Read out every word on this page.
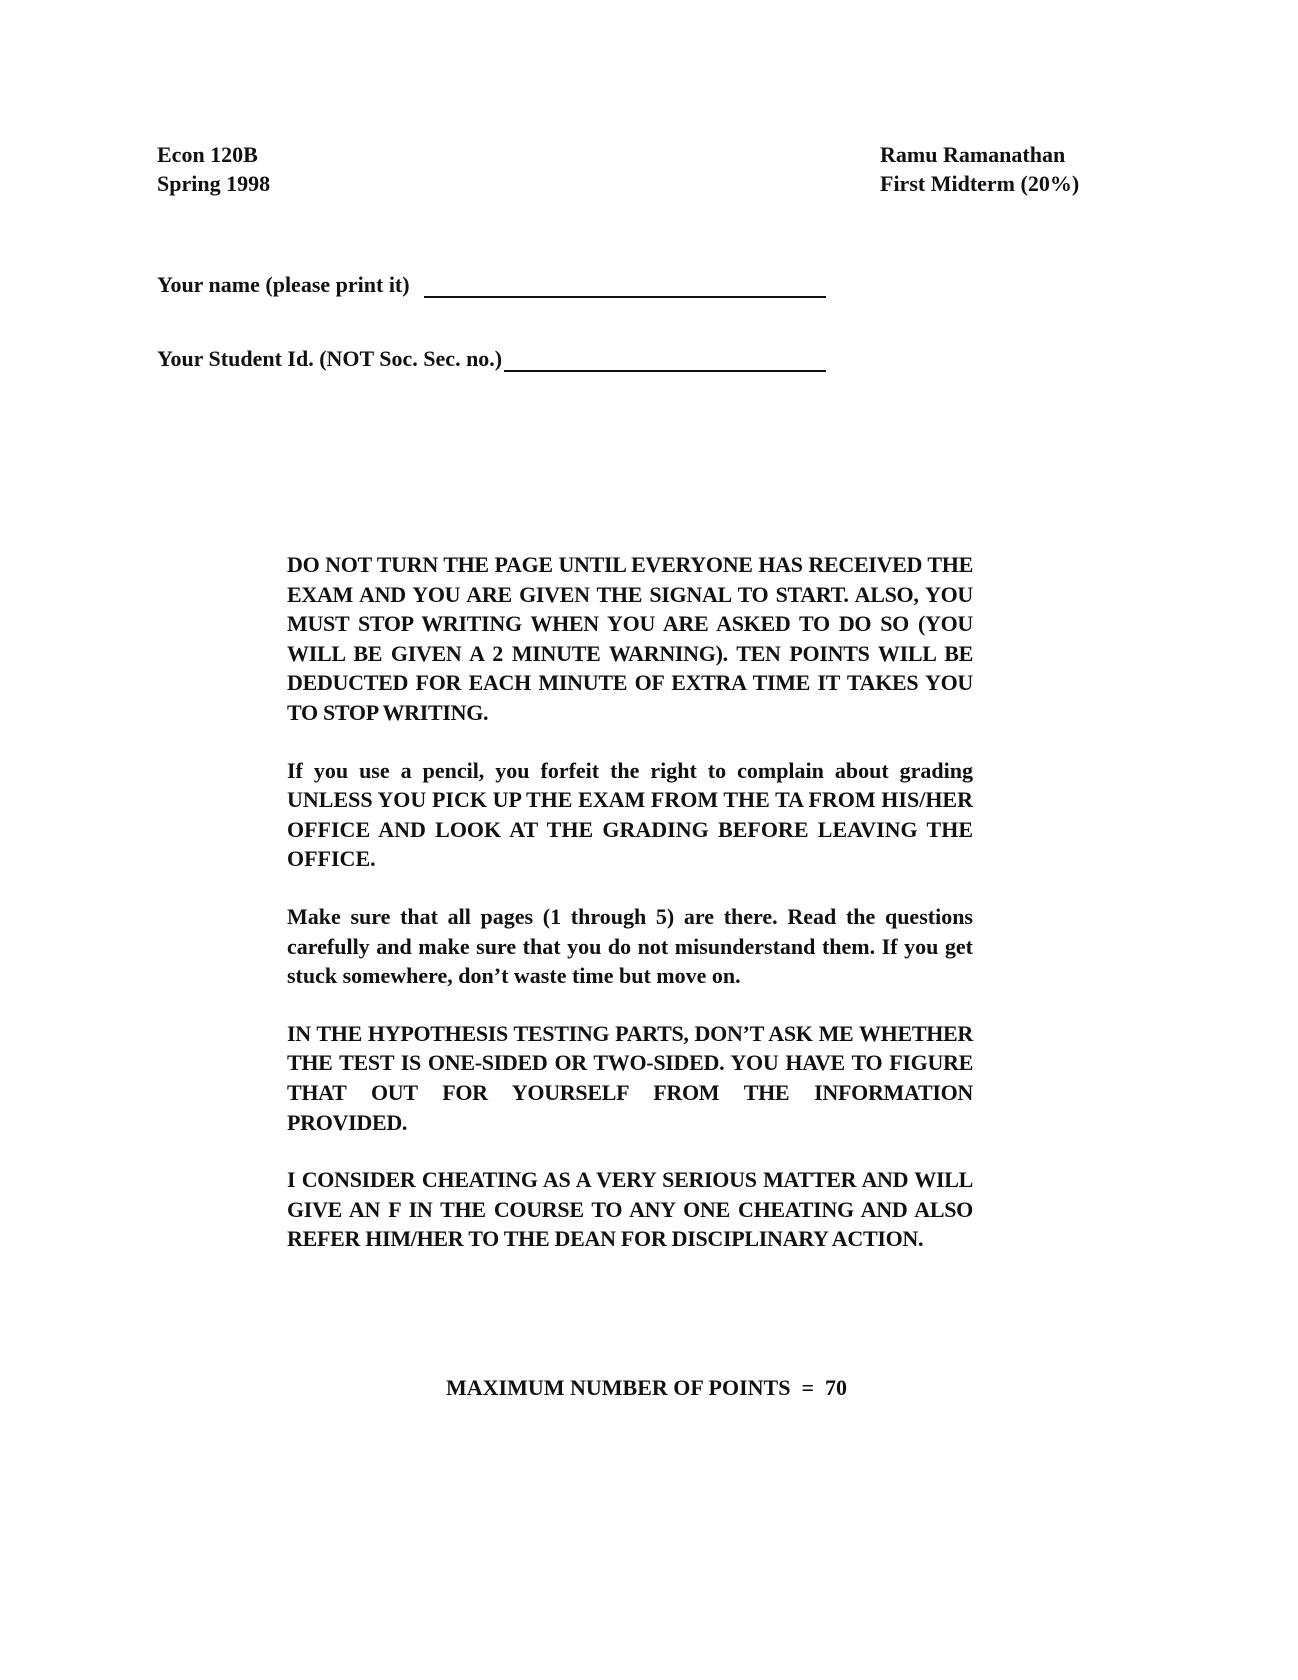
Econ 120B
Spring 1998
Ramu Ramanathan
First Midterm (20%)
Your name (please print it)
Your Student Id. (NOT Soc. Sec. no.)

DO NOT TURN THE PAGE UNTIL EVERYONE HAS RECEIVED THE EXAM AND YOU ARE GIVEN THE SIGNAL TO START. ALSO, YOU MUST STOP WRITING WHEN YOU ARE ASKED TO DO SO (YOU WILL BE GIVEN A 2 MINUTE WARNING). TEN POINTS WILL BE DEDUCTED FOR EACH MINUTE OF EXTRA TIME IT TAKES YOU TO STOP WRITING.

If you use a pencil, you forfeit the right to complain about grading UNLESS YOU PICK UP THE EXAM FROM THE TA FROM HIS/HER OFFICE AND LOOK AT THE GRADING BEFORE LEAVING THE OFFICE.

Make sure that all pages (1 through 5) are there. Read the questions carefully and make sure that you do not misunderstand them. If you get stuck somewhere, don’t waste time but move on.

IN THE HYPOTHESIS TESTING PARTS, DON’T ASK ME WHETHER THE TEST IS ONE-SIDED OR TWO-SIDED. YOU HAVE TO FIGURE THAT OUT FOR YOURSELF FROM THE INFORMATION PROVIDED.

I CONSIDER CHEATING AS A VERY SERIOUS MATTER AND WILL GIVE AN F IN THE COURSE TO ANY ONE CHEATING AND ALSO REFER HIM/HER TO THE DEAN FOR DISCIPLINARY ACTION.

MAXIMUM NUMBER OF POINTS  =  70
